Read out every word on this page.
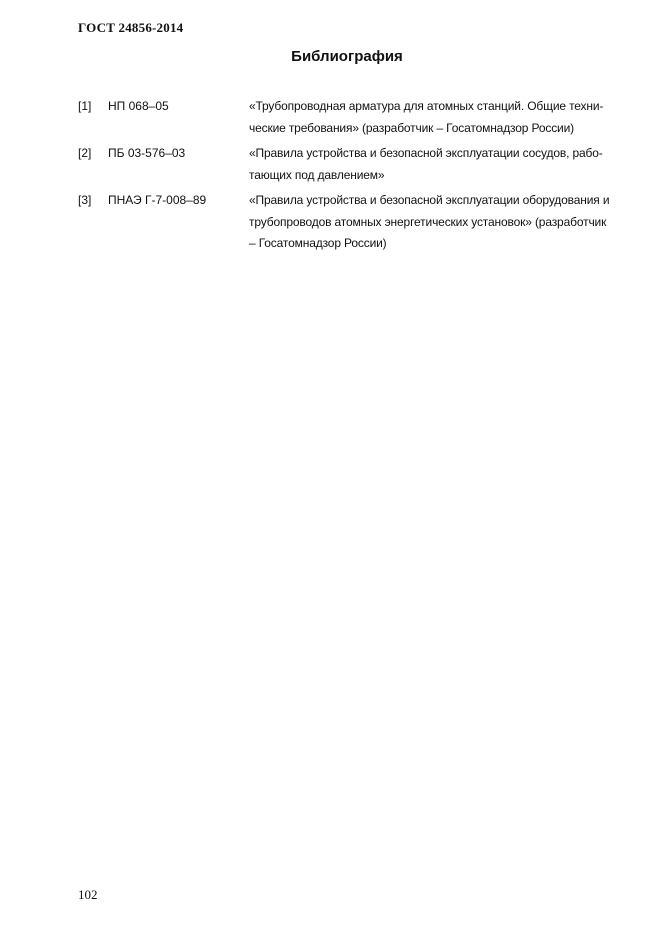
ГОСТ 24856-2014
Библиография
[1] НП 068–05	«Трубопроводная арматура для атомных станций. Общие техни-
ческие требования» (разработчик – Госатомнадзор России)
[2] ПБ 03-576–03	«Правила устройства и безопасной эксплуатации сосудов, рабо-
тающих под давлением»
[3] ПНАЭ Г-7-008–89	«Правила устройства и безопасной эксплуатации оборудования и
трубопроводов атомных энергетических установок» (разработчик
– Госатомнадзор России)
102
